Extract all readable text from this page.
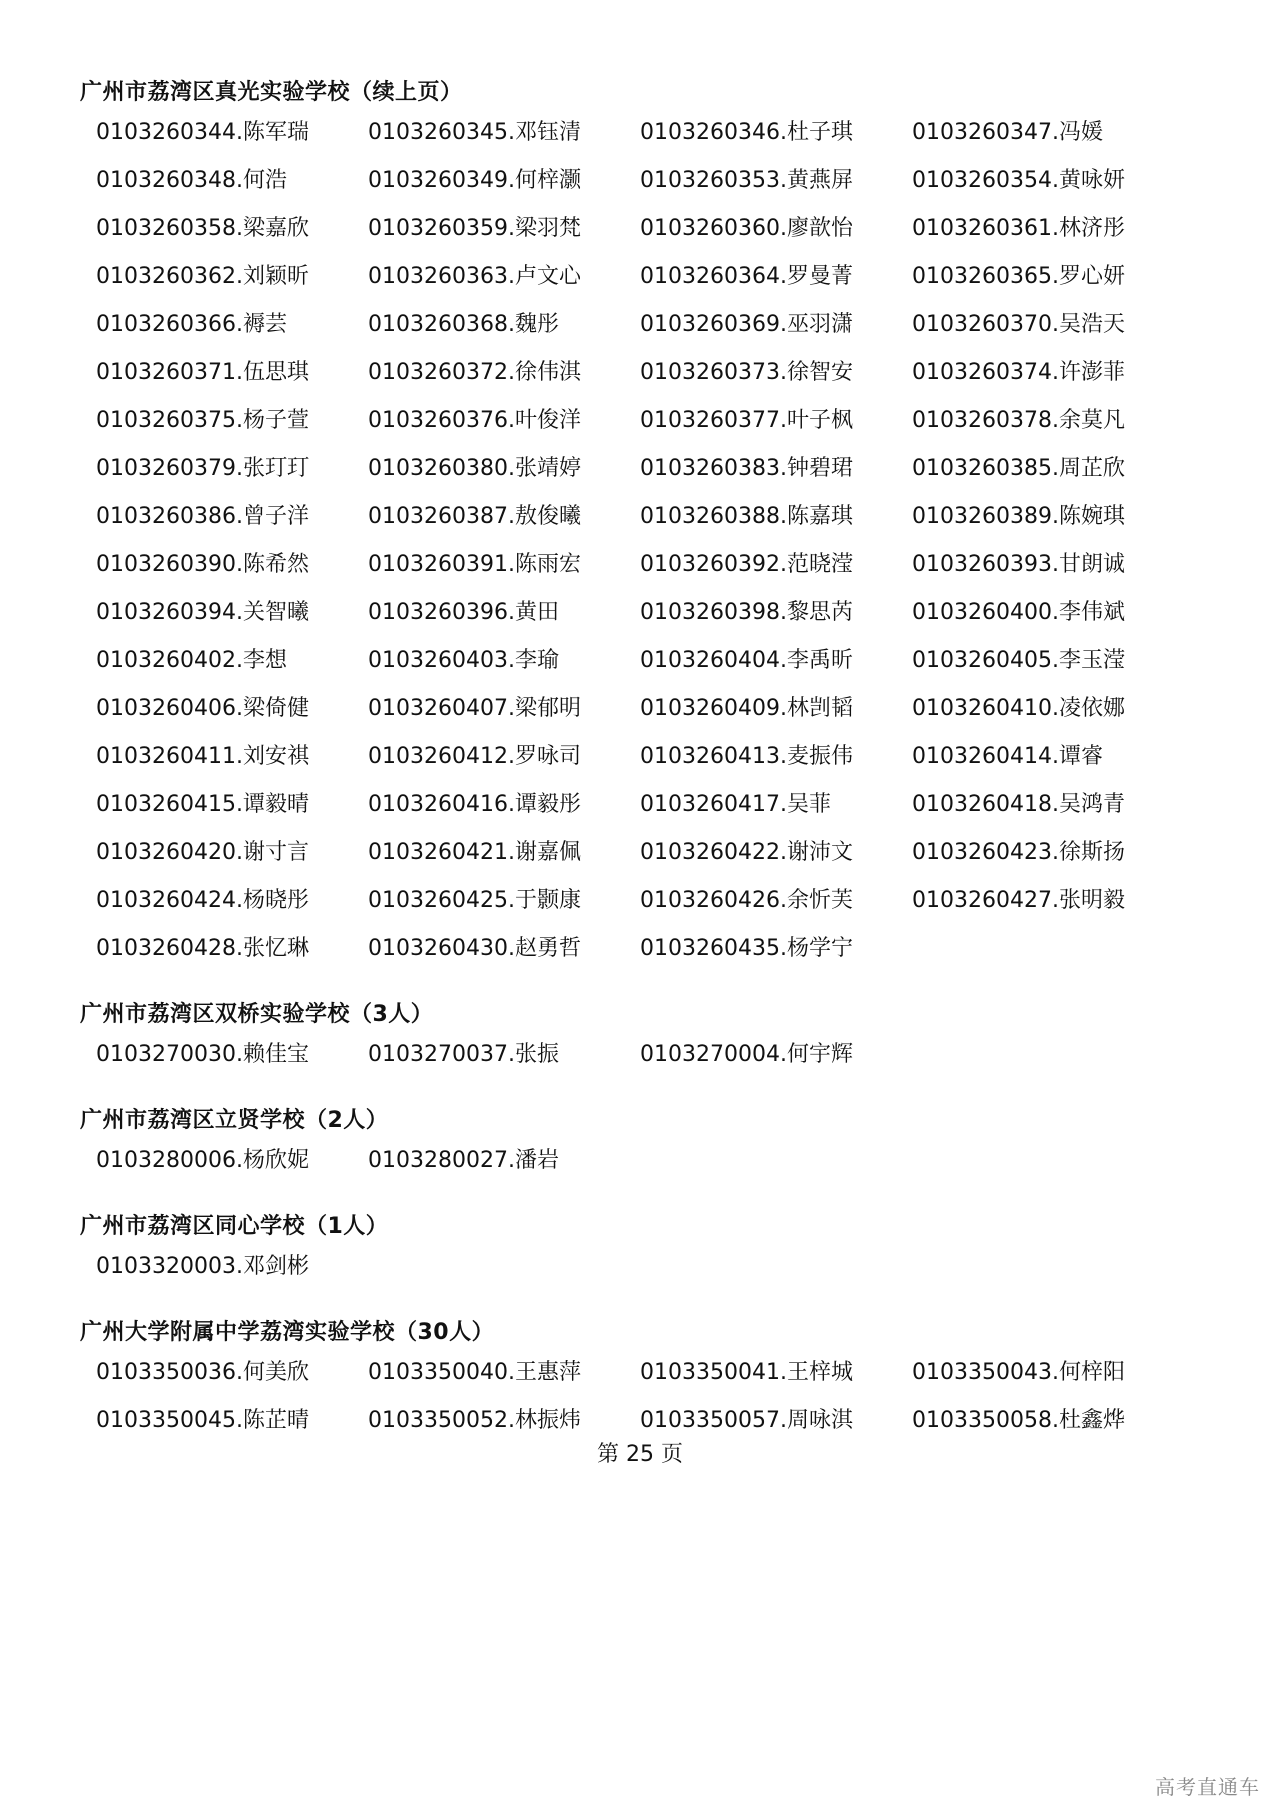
广州市荔湾区真光实验学校（续上页）
0103260344.陈军瑞	0103260345.邓钰清	0103260346.杜子琪	0103260347.冯媛
0103260348.何浩	0103260349.何梓灏	0103260353.黄燕屏	0103260354.黄咏妍
0103260358.梁嘉欣	0103260359.梁羽梵	0103260360.廖歆怡	0103260361.林济彤
0103260362.刘颖昕	0103260363.卢文心	0103260364.罗曼菁	0103260365.罗心妍
0103260366.褥芸	0103260368.魏彤	0103260369.巫羽潇	0103260370.吴浩天
0103260371.伍思琪	0103260372.徐伟淇	0103260373.徐智安	0103260374.许澎菲
0103260375.杨子萱	0103260376.叶俊洋	0103260377.叶子枫	0103260378.余莫凡
0103260379.张玎玎	0103260380.张靖婷	0103260383.钟碧珺	0103260385.周芷欣
0103260386.曾子洋	0103260387.敖俊曦	0103260388.陈嘉琪	0103260389.陈婉琪
0103260390.陈希然	0103260391.陈雨宏	0103260392.范晓滢	0103260393.甘朗诚
0103260394.关智曦	0103260396.黄田	0103260398.黎思芮	0103260400.李伟斌
0103260402.李想	0103260403.李瑜	0103260404.李禹昕	0103260405.李玉滢
0103260406.梁倚健	0103260407.梁郁明	0103260409.林剀韬	0103260410.凌依娜
0103260411.刘安祺	0103260412.罗咏司	0103260413.麦振伟	0103260414.谭睿
0103260415.谭毅晴	0103260416.谭毅彤	0103260417.吴菲	0103260418.吴鸿青
0103260420.谢寸言	0103260421.谢嘉佩	0103260422.谢沛文	0103260423.徐斯扬
0103260424.杨晓彤	0103260425.于颢康	0103260426.余忻芙	0103260427.张明毅
0103260428.张忆琳	0103260430.赵勇哲	0103260435.杨学宁
广州市荔湾区双桥实验学校（3人）
0103270030.赖佳宝	0103270037.张振	0103270004.何宇辉
广州市荔湾区立贤学校（2人）
0103280006.杨欣妮	0103280027.潘岩
广州市荔湾区同心学校（1人）
0103320003.邓剑彬
广州大学附属中学荔湾实验学校（30人）
0103350036.何美欣	0103350040.王惠萍	0103350041.王梓城	0103350043.何梓阳
0103350045.陈芷晴	0103350052.林振炜	0103350057.周咏淇	0103350058.杜鑫烨
第 25 页
高考直通车
